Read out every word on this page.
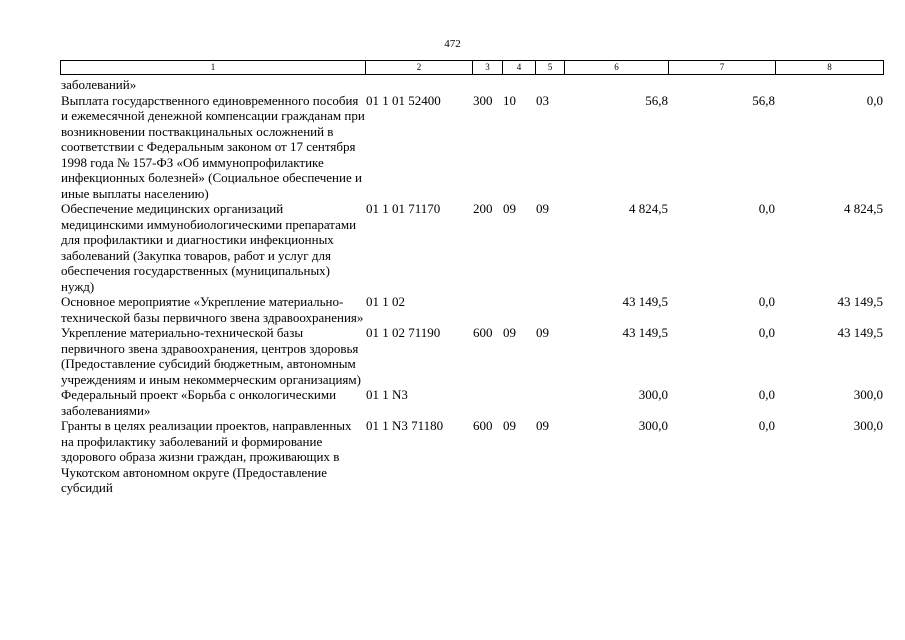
472
1	2	3	4	5	6	7	8
заболеваний»							
Выплата государственного единовременного пособия и ежемесячной денежной компенсации гражданам при возникновении поствакцинальных осложнений в соответствии с Федеральным законом от 17 сентября 1998 года № 157-ФЗ «Об иммунопрофилактике инфекционных болезней» (Социальное обеспечение и иные выплаты населению)	01 1 01 52400	300	10	03	56,8	56,8	0,0
Обеспечение медицинских организаций медицинскими иммунобиологическими препаратами для профилактики и диагностики инфекционных заболеваний (Закупка товаров, работ и услуг для обеспечения государственных (муниципальных) нужд)	01 1 01 71170	200	09	09	4 824,5	0,0	4 824,5
Основное мероприятие «Укрепление материально-технической базы первичного звена здравоохранения»	01 1 02				43 149,5	0,0	43 149,5
Укрепление материально-технической базы первичного звена здравоохранения, центров здоровья (Предоставление субсидий бюджетным, автономным учреждениям и иным некоммерческим организациям)	01 1 02 71190	600	09	09	43 149,5	0,0	43 149,5
Федеральный проект «Борьба с онкологическими заболеваниями»	01 1 N3				300,0	0,0	300,0
Гранты в целях реализации проектов, направленных на профилактику заболеваний и формирование здорового образа жизни граждан, проживающих в Чукотском автономном округе (Предоставление субсидий	01 1 N3 71180	600	09	09	300,0	0,0	300,0
